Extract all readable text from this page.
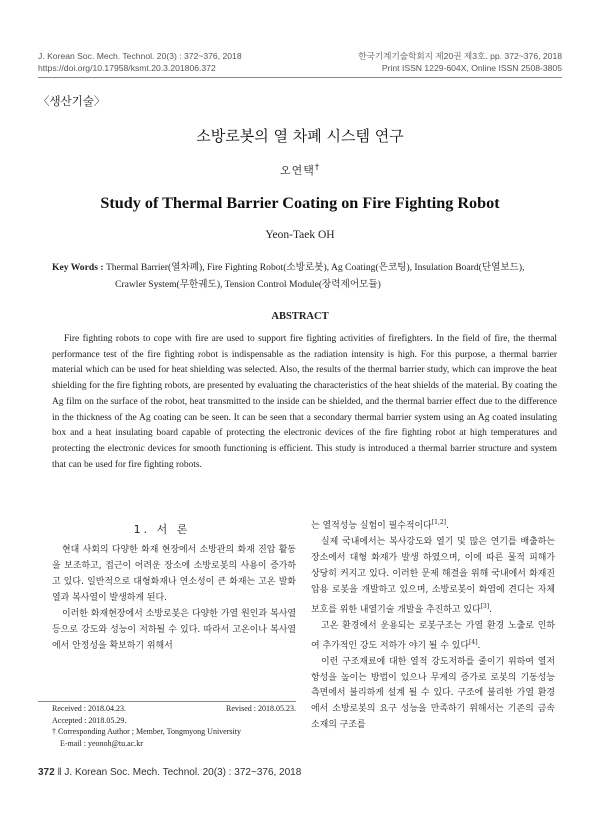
J. Korean Soc. Mech. Technol. 20(3) : 372~376, 2018
https://doi.org/10.17958/ksmt.20.3.201806.372
한국기계기술학회지 제20권 제3호. pp. 372~376, 2018
Print ISSN 1229-604X, Online ISSN 2508-3805
〈생산기술〉
소방로봇의 열 차폐 시스템 연구
오연택†
Study of Thermal Barrier Coating on Fire Fighting Robot
Yeon-Taek OH
Key Words : Thermal Barrier(열차폐), Fire Fighting Robot(소방로봇), Ag Coating(은코팅), Insulation Board(단열보드),
Crawler System(무한궤도), Tension Control Module(장력제어모듈)
ABSTRACT
Fire fighting robots to cope with fire are used to support fire fighting activities of firefighters. In the field of fire, the thermal performance test of the fire fighting robot is indispensable as the radiation intensity is high. For this purpose, a thermal barrier material which can be used for heat shielding was selected. Also, the results of the thermal barrier study, which can improve the heat shielding for the fire fighting robots, are presented by evaluating the characteristics of the heat shields of the material. By coating the Ag film on the surface of the robot, heat transmitted to the inside can be shielded, and the thermal barrier effect due to the difference in the thickness of the Ag coating can be seen. It can be seen that a secondary thermal barrier system using an Ag coated insulating box and a heat insulating board capable of protecting the electronic devices of the fire fighting robot at high temperatures and protecting the electronic devices for smooth functioning is efficient. This study is introduced a thermal barrier structure and system that can be used for fire fighting robots.
1. 서 론

현대 사회의 다양한 화재 현장에서 소방관의 화재 진압 활동을 보조하고, 접근이 어려운 장소에 소방로봇의 사용이 증가하고 있다. 일반적으로 대형화재나 연소성이 큰 화재는 고온 발화열과 복사열이 발생하게 된다.

이러한 화재현장에서 소방로봇은 다양한 가열 원인과 복사열 등으로 강도와 성능이 저하될 수 있다. 따라서 고온이나 복사열에서 안정성을 확보하기 위해서

는 열적성능 실험이 필수적이다[1,2].

실제 국내에서는 복사강도와 열기 및 많은 연기를 배출하는 장소에서 대형 화재가 발생 하였으며, 이에 따른 물적 피해가 상당히 커지고 있다. 이러한 문제 해결을 위해 국내에서 화재진압용 로봇을 개발하고 있으며, 소방로봇이 화염에 견디는 자체 보호를 위한 내열기술 개발을 추진하고 있다[3].

고온 환경에서 운용되는 로봇구조는 가열 환경 노출로 인하여 추가적인 강도 저하가 야기 될 수 있다[4].

이런 구조재료에 대한 열적 강도저하를 줄이기 위하여 열저항성을 높이는 방법이 있으나 무게의 증가로 로봇의 기동성능 측면에서 불리하게 설계 될 수 있다. 구조에 불리한 가열 환경에서 소방로봇의 요구 성능을 만족하기 위해서는 기존의 금속소재의 구조를

Received : 2018.04.23.	Revised : 2018.05.23.
Accepted : 2018.05.29.
† Corresponding Author ; Member, Tongmyong University
E-mail : yeonoh@tu.ac.kr
372 ‖ J. Korean Soc. Mech. Technol. 20(3) : 372~376, 2018
